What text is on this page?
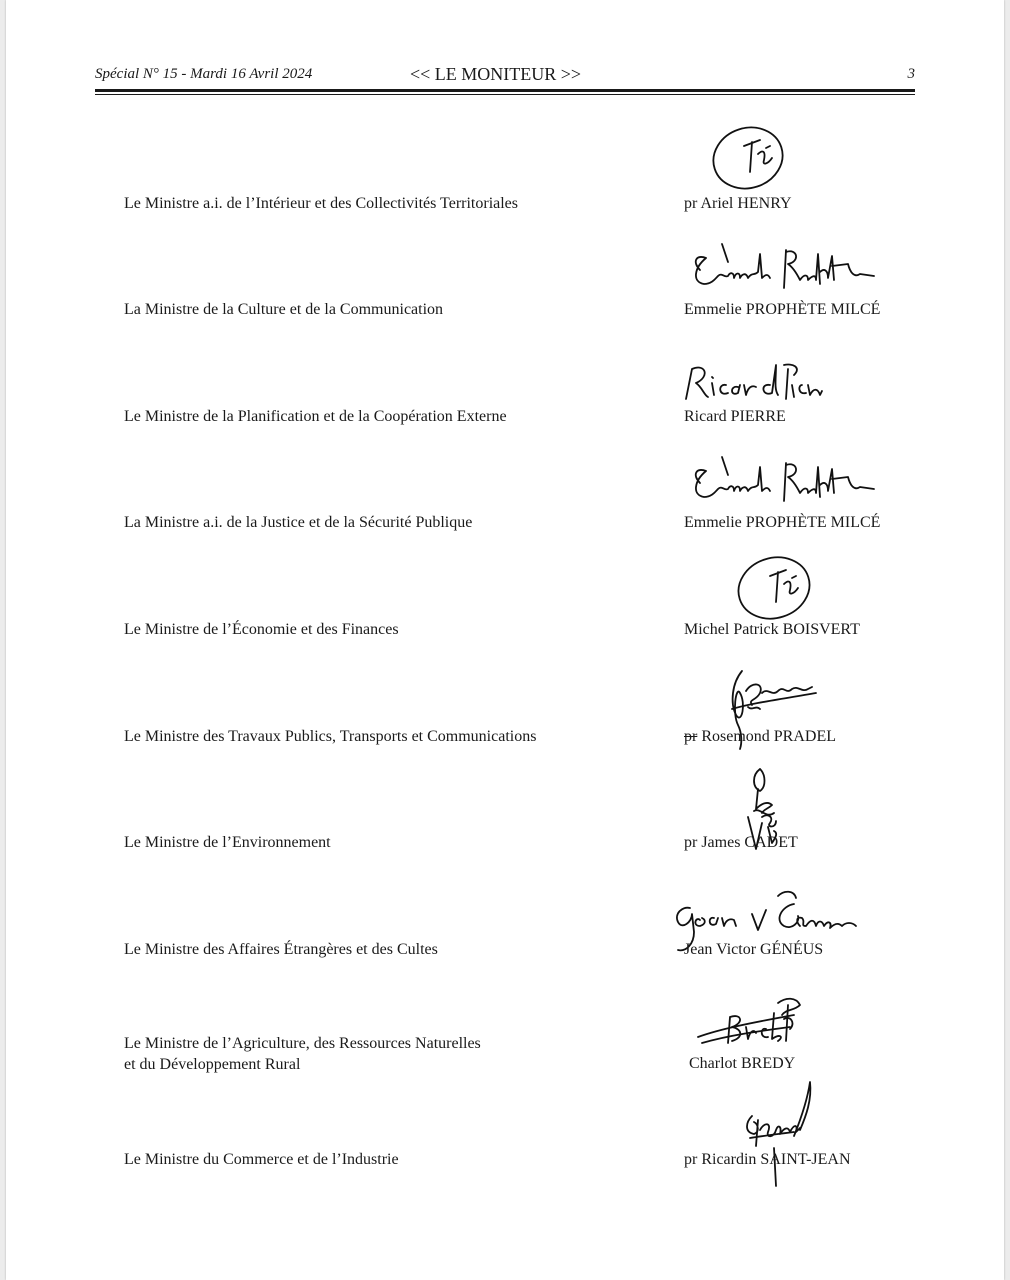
Spécial N° 15 - Mardi 16 Avril 2024	<< LE MONITEUR >>	3
Le Ministre a.i. de l’Intérieur et des Collectivités Territoriales	pr Ariel HENRY
La Ministre de la Culture et de la Communication	Emmelie PROPHÈTE MILCÉ
Le Ministre de la Planification et de la Coopération Externe	Ricard PIERRE
La Ministre a.i. de la Justice et de la Sécurité Publique	Emmelie PROPHÈTE MILCÉ
Le Ministre de l’Économie et des Finances	Michel Patrick BOISVERT
Le Ministre des Travaux Publics, Transports et Communications	pr Rosemond PRADEL
Le Ministre de l’Environnement	pr James CADET
Le Ministre des Affaires Étrangères et des Cultes	Jean Victor GÉNÉUS
Le Ministre de l’Agriculture, des Ressources Naturelles
et du Développement Rural	Charlot BREDY
Le Ministre du Commerce et de l’Industrie	pr Ricardin SAINT-JEAN
